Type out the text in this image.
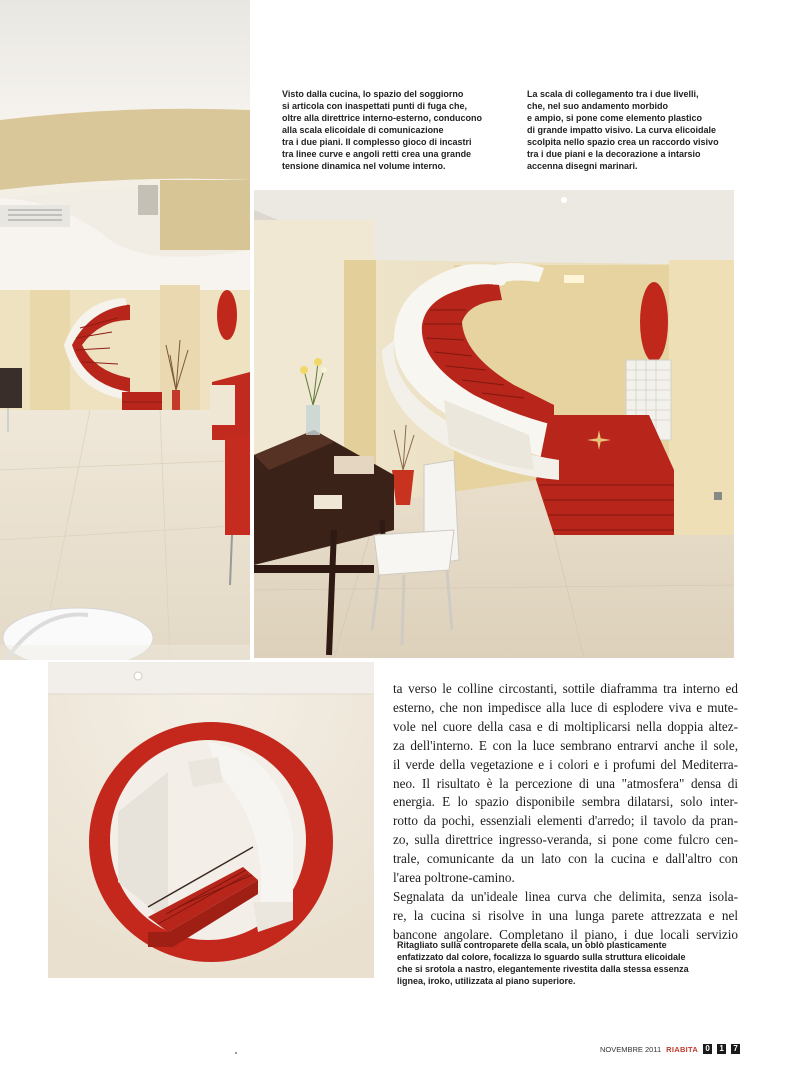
Visto dalla cucina, lo spazio del soggiorno
si articola con inaspettati punti di fuga che,
oltre alla direttrice interno-esterno, conducono
alla scala elicoidale di comunicazione
tra i due piani. Il complesso gioco di incastri
tra linee curve e angoli retti crea una grande
tensione dinamica nel volume interno.
La scala di collegamento tra i due livelli,
che, nel suo andamento morbido
e ampio, si pone come elemento plastico
di grande impatto visivo. La curva elicoidale
scolpita nello spazio crea un raccordo visivo
tra i due piani e la decorazione a intarsio
accenna disegni marinari.
ta verso le colline circostanti, sottile diaframma tra interno ed
esterno, che non impedisce alla luce di esplodere viva e mute-
vole nel cuore della casa e di moltiplicarsi nella doppia altez-
za dell'interno. E con la luce sembrano entrarvi anche il sole,
il verde della vegetazione e i colori e i profumi del Mediterra-
neo. Il risultato è la percezione di una "atmosfera" densa di
energia. E lo spazio disponibile sembra dilatarsi, solo inter-
rotto da pochi, essenziali elementi d'arredo; il tavolo da pran-
zo, sulla direttrice ingresso-veranda, si pone come fulcro cen-
trale, comunicante da un lato con la cucina e dall'altro con
l'area poltrone-camino.
Segnalata da un'ideale linea curva che delimita, senza isola-
re, la cucina si risolve in una lunga parete attrezzata e nel
bancone angolare. Completano il piano, i due locali servizio
Ritagliato sulla controparete della scala, un oblò plasticamente
enfatizzato dal colore, focalizza lo sguardo sulla struttura elicoidale
che si srotola a nastro, elegantemente rivestita dalla stessa essenza
lignea, iroko, utilizzata al piano superiore.
NOVEMBRE 2011 RIABITA 0 1 7
